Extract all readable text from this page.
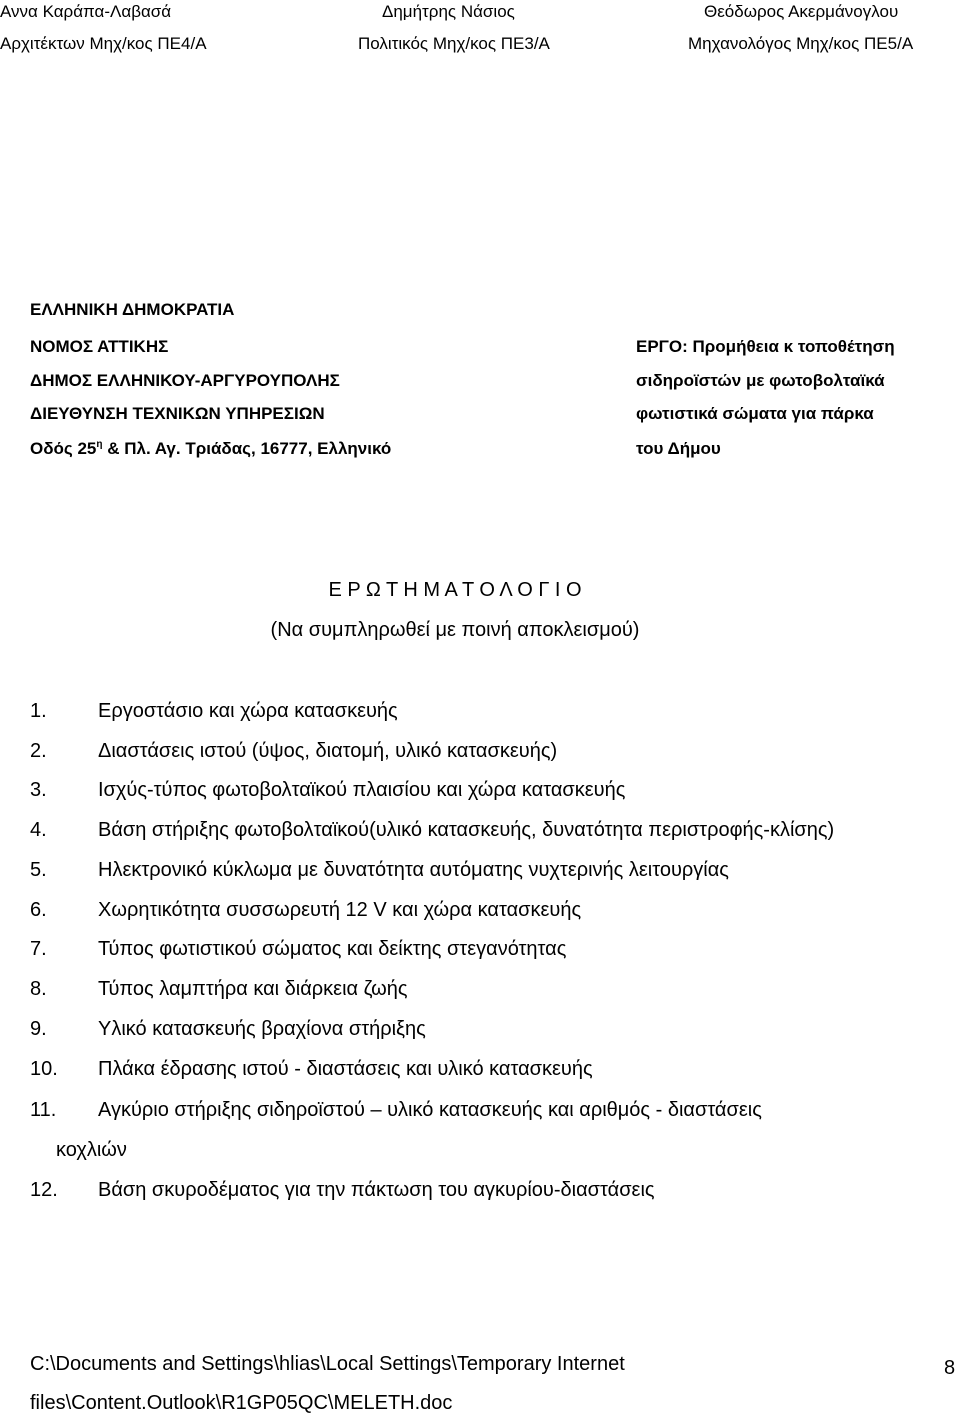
Αννα Καράπα-Λαβασά
Αρχιτέκτων Μηχ/κος ΠΕ4/Α
Δημήτρης Νάσιος
Πολιτικός Μηχ/κος ΠΕ3/Α
Θεόδωρος Ακερμάνογλου
Μηχανολόγος Μηχ/κος ΠΕ5/Α
ΕΛΛΗΝΙΚΗ ΔΗΜΟΚΡΑΤΙΑ
ΝΟΜΟΣ ΑΤΤΙΚΗΣ
ΔΗΜΟΣ ΕΛΛΗΝΙΚΟΥ-ΑΡΓΥΡΟΥΠΟΛΗΣ
ΔΙΕΥΘΥΝΣΗ ΤΕΧΝΙΚΩΝ ΥΠΗΡΕΣΙΩΝ
Οδός $25^\eta$ & Πλ. Αγ. Τριάδας, 16777, Ελληνικό
ΕΡΓΟ: Προμήθεια κ τοποθέτηση
σιδηροϊστών με φωτοβολταϊκά
φωτιστικά σώματα για πάρκα
του Δήμου
Ε Ρ Ω Τ Η Μ Α Τ Ο Λ Ο Γ Ι Ο
(Να συμπληρωθεί με ποινή αποκλεισμού)
1.	Εργοστάσιο και χώρα κατασκευής
2.	Διαστάσεις ιστού (ύψος, διατομή, υλικό κατασκευής)
3.	Ισχύς-τύπος φωτοβολταϊκού πλαισίου και χώρα κατασκευής
4.	Βάση στήριξης φωτοβολταϊκού(υλικό κατασκευής, δυνατότητα περιστροφής-κλίσης)
5.	Ηλεκτρονικό κύκλωμα με δυνατότητα αυτόματης νυχτερινής λειτουργίας
6.	Χωρητικότητα συσσωρευτή 12 V και χώρα κατασκευής
7.	Τύπος φωτιστικού σώματος και δείκτης στεγανότητας
8.	Τύπος λαμπτήρα και διάρκεια ζωής
9.	Υλικό κατασκευής βραχίονα στήριξης
10. Πλάκα έδρασης ιστού - διαστάσεις και υλικό κατασκευής
11. Αγκύριο στήριξης σιδηροϊστού – υλικό κατασκευής και αριθμός - διαστάσεις
κοχλιών
12. Βάση σκυροδέματος για την πάκτωση του αγκυρίου-διαστάσεις
C:\Documents and Settings\hlias\Local Settings\Temporary Internet
files\Content.Outlook\R1GP05QC\MELETH.doc
8
